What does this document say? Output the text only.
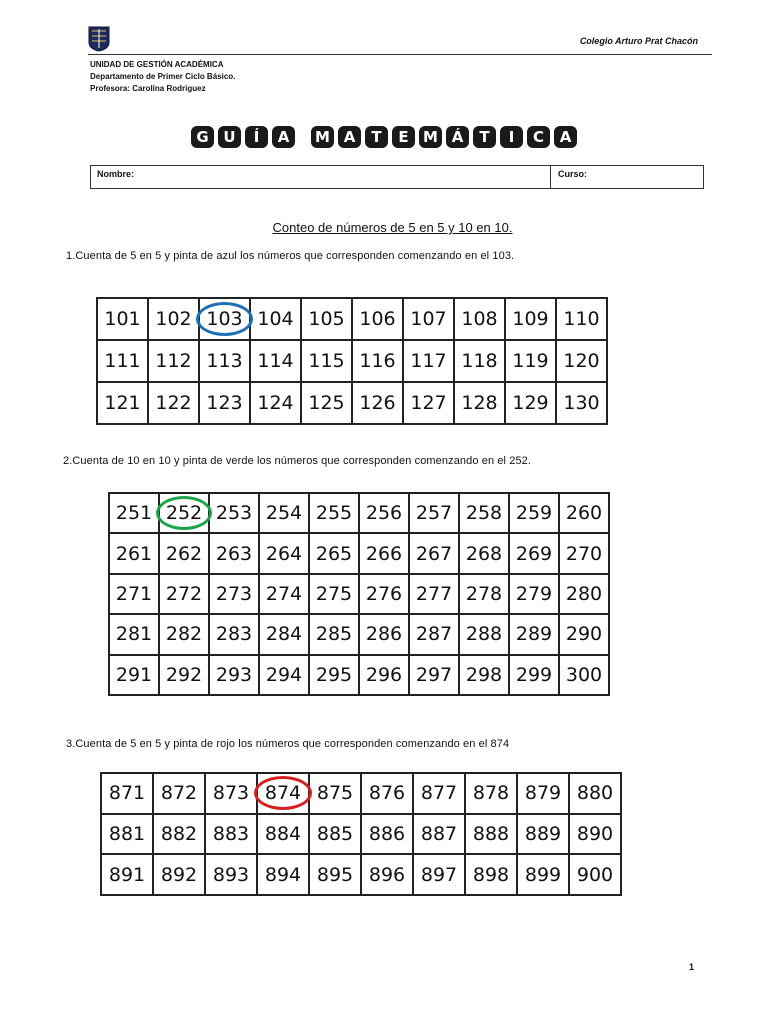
Colegio Arturo Prat Chacón
UNIDAD DE GESTIÓN ACADÉMICA
Departamento de Primer Ciclo Básico.
Profesora: Carolina Rodriguez
G U Í A M A T E M Á T I C A
Nombre:	Curso:
Conteo de números de 5 en 5 y 10 en 10.
1.Cuenta de 5 en 5 y pinta de azul los números que corresponden comenzando en el 103.
101	102	103	104	105	106	107	108	109	110
111	112	113	114	115	116	117	118	119	120
121	122	123	124	125	126	127	128	129	130
2.Cuenta de 10 en 10 y pinta de verde los números que corresponden comenzando en el 252.
251	252	253	254	255	256	257	258	259	260
261	262	263	264	265	266	267	268	269	270
271	272	273	274	275	276	277	278	279	280
281	282	283	284	285	286	287	288	289	290
291	292	293	294	295	296	297	298	299	300
3.Cuenta de 5 en 5 y pinta de rojo los números que corresponden comenzando en el 874
871	872	873	874	875	876	877	878	879	880
881	882	883	884	885	886	887	888	889	890
891	892	893	894	895	896	897	898	899	900
1
